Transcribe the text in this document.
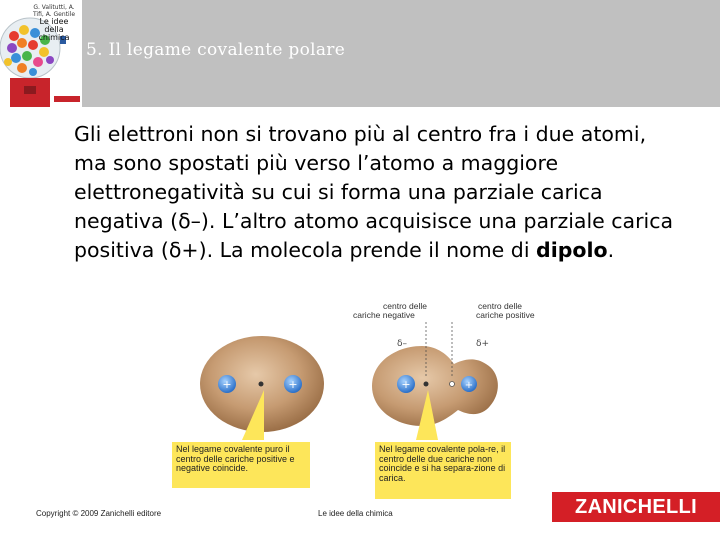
G. Valitutti, A. Tifi, A. Gentile
Le idee della chimica
5. Il legame covalente polare
Gli elettroni non si trovano più al centro fra i due atomi, ma sono spostati più verso l’atomo a maggiore elettronegatività su cui si forma una parziale carica negativa (δ–). L’altro atomo acquisisce una parziale carica positiva (δ+). La molecola prende il nome di dipolo.
+	+	+	+
centro delle cariche negative
centro delle cariche positive
δ–	δ+
Nel legame covalente puro il centro delle cariche positive e negative coincide.
Nel legame covalente pola-re, il centro delle due cariche non coincide e si ha separa-zione di carica.
Copyright © 2009 Zanichelli editore	Le idee della chimica	ZANICHELLI
